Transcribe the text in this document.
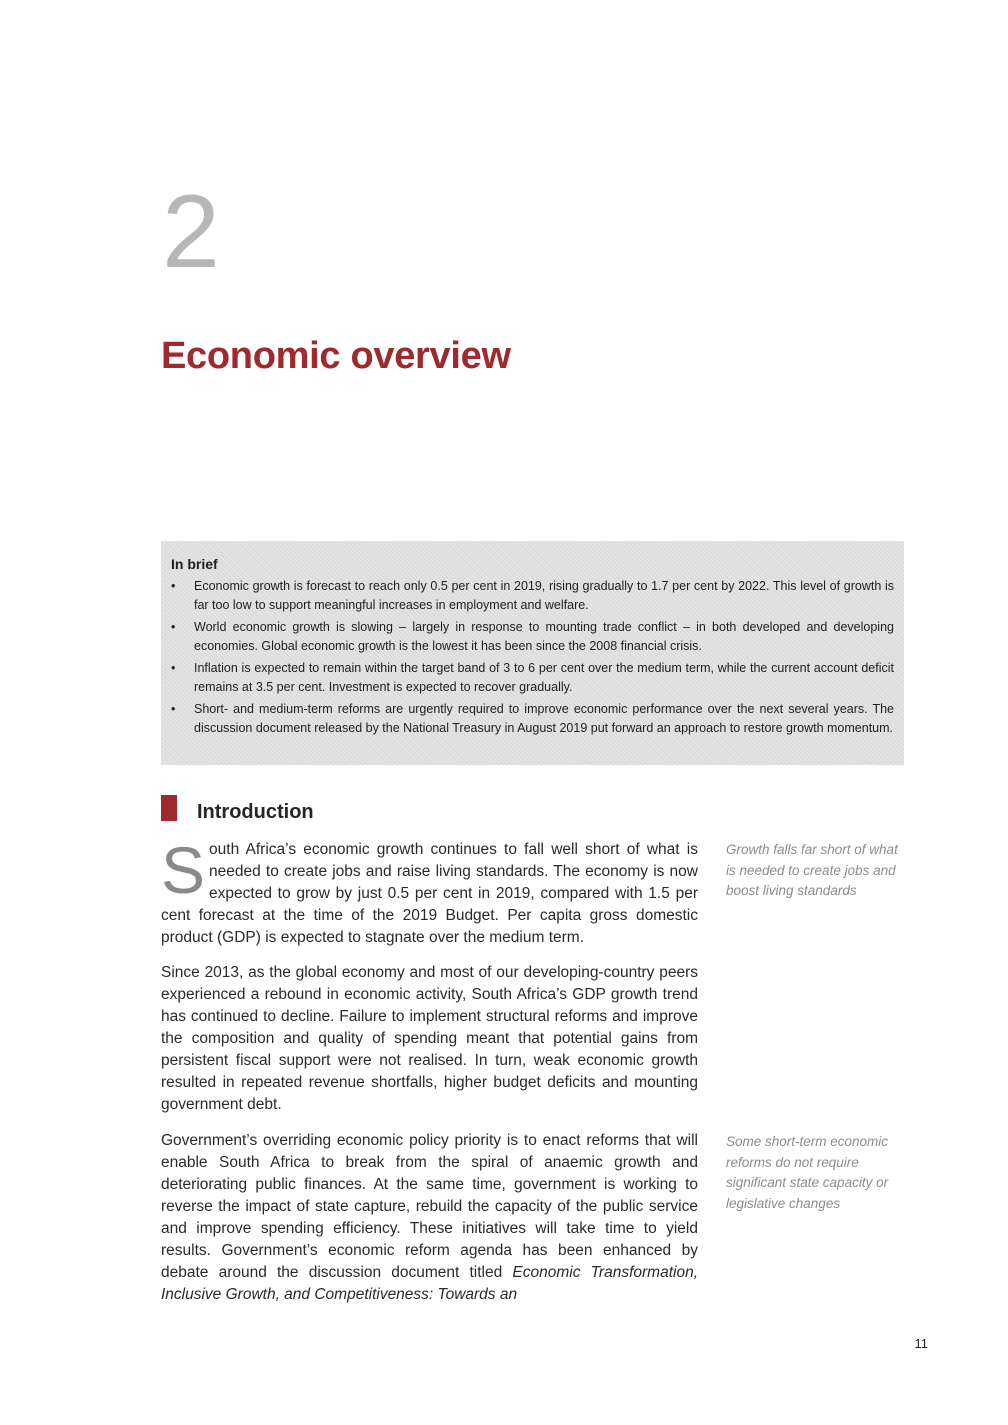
2
Economic overview
In brief
• Economic growth is forecast to reach only 0.5 per cent in 2019, rising gradually to 1.7 per cent by 2022. This level of growth is far too low to support meaningful increases in employment and welfare.
• World economic growth is slowing – largely in response to mounting trade conflict – in both developed and developing economies. Global economic growth is the lowest it has been since the 2008 financial crisis.
• Inflation is expected to remain within the target band of 3 to 6 per cent over the medium term, while the current account deficit remains at 3.5 per cent. Investment is expected to recover gradually.
• Short- and medium-term reforms are urgently required to improve economic performance over the next several years. The discussion document released by the National Treasury in August 2019 put forward an approach to restore growth momentum.
Introduction

South Africa’s economic growth continues to fall well short of what is needed to create jobs and raise living standards. The economy is now expected to grow by just 0.5 per cent in 2019, compared with 1.5 per cent forecast at the time of the 2019 Budget. Per capita gross domestic product (GDP) is expected to stagnate over the medium term.

Since 2013, as the global economy and most of our developing-country peers experienced a rebound in economic activity, South Africa’s GDP growth trend has continued to decline. Failure to implement structural reforms and improve the composition and quality of spending meant that potential gains from persistent fiscal support were not realised. In turn, weak economic growth resulted in repeated revenue shortfalls, higher budget deficits and mounting government debt.

Government’s overriding economic policy priority is to enact reforms that will enable South Africa to break from the spiral of anaemic growth and deteriorating public finances. At the same time, government is working to reverse the impact of state capture, rebuild the capacity of the public service and improve spending efficiency. These initiatives will take time to yield results. Government’s economic reform agenda has been enhanced by debate around the discussion document titled Economic Transformation, Inclusive Growth, and Competitiveness: Towards an

Growth falls far short of what is needed to create jobs and boost living standards
Some short-term economic reforms do not require significant state capacity or legislative changes
11
